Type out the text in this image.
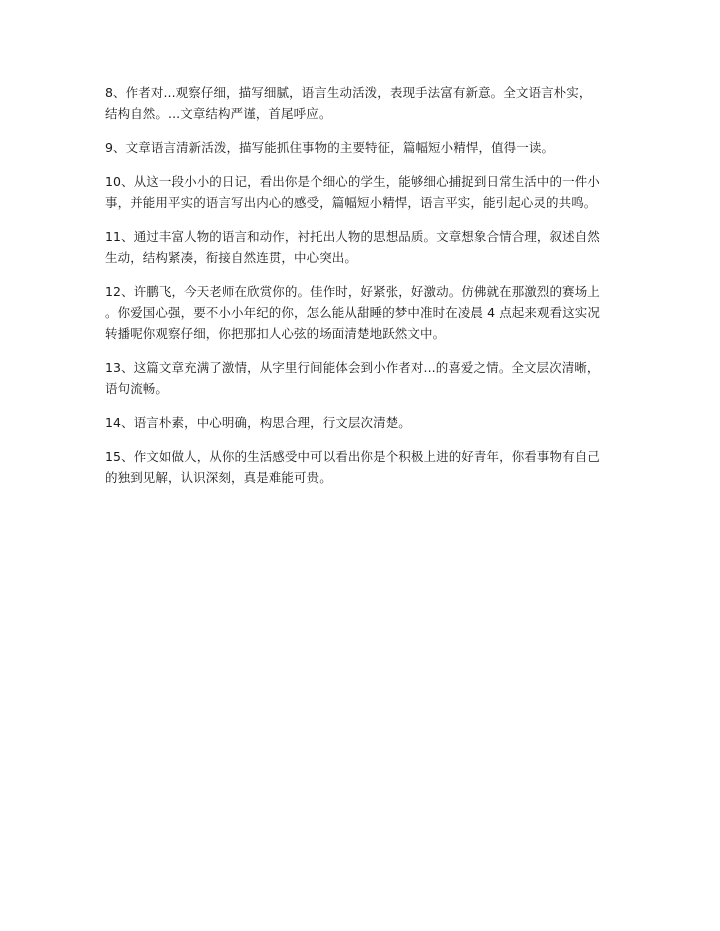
8、作者对...观察仔细，描写细腻，语言生动活泼，表现手法富有新意。全文语言朴实，
结构自然。...文章结构严谨，首尾呼应。

9、文章语言清新活泼，描写能抓住事物的主要特征，篇幅短小精悍，值得一读。

10、从这一段小小的日记，看出你是个细心的学生，能够细心捕捉到日常生活中的一件小
事，并能用平实的语言写出内心的感受，篇幅短小精悍，语言平实，能引起心灵的共鸣。

11、通过丰富人物的语言和动作，衬托出人物的思想品质。文章想象合情合理，叙述自然
生动，结构紧凑，衔接自然连贯，中心突出。

12、许鹏飞，今天老师在欣赏你的。佳作时，好紧张，好激动。仿佛就在那激烈的赛场上
。你爱国心强，要不小小年纪的你，怎么能从甜睡的梦中准时在凌晨 4 点起来观看这实况
转播呢你观察仔细，你把那扣人心弦的场面清楚地跃然文中。

13、这篇文章充满了激情，从字里行间能体会到小作者对...的喜爱之情。全文层次清晰，
语句流畅。

14、语言朴素，中心明确，构思合理，行文层次清楚。

15、作文如做人，从你的生活感受中可以看出你是个积极上进的好青年，你看事物有自己
的独到见解，认识深刻，真是难能可贵。
